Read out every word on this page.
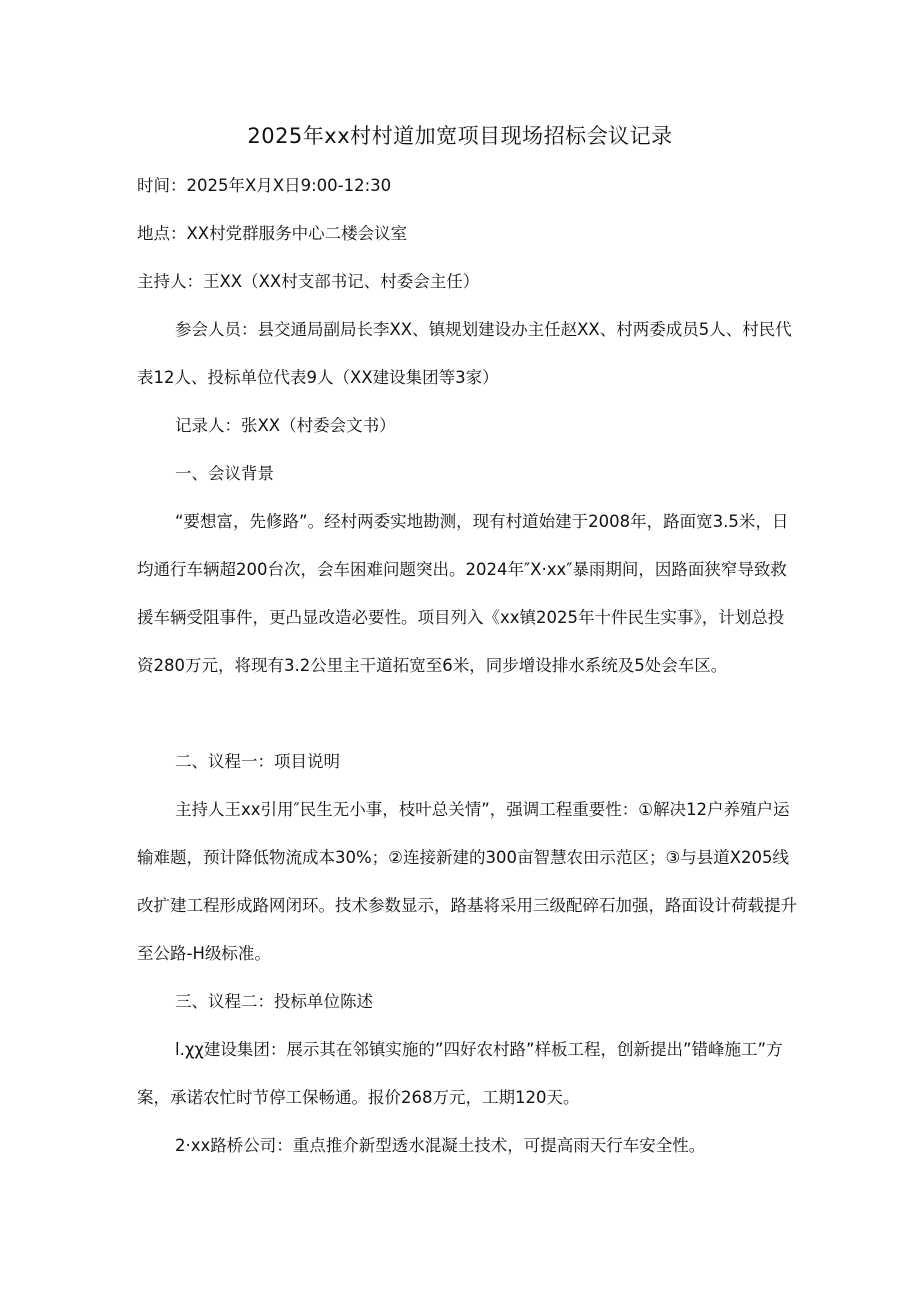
2025年xx村村道加宽项目现场招标会议记录

时间：2025年X月X日9:00-12:30

地点：XX村党群服务中心二楼会议室

主持人：王XX（XX村支部书记、村委会主任）

参会人员：县交通局副局长李XX、镇规划建设办主任赵XX、村两委成员5人、村民代表12人、投标单位代表9人（XX建设集团等3家）

记录人：张XX（村委会文书）

一、会议背景

“要想富，先修路”。经村两委实地勘测，现有村道始建于2008年，路面宽3.5米，日均通行车辆超200台次，会车困难问题突出。2024年″X·xx″暴雨期间，因路面狭窄导致救援车辆受阻事件，更凸显改造必要性。项目列入《xx镇2025年十件民生实事》，计划总投资280万元，将现有3.2公里主干道拓宽至6米，同步增设排水系统及5处会车区。

二、议程一：项目说明

主持人王xx引用″民生无小事，枝叶总关情”，强调工程重要性：①解决12户养殖户运输难题，预计降低物流成本30%；②连接新建的300亩智慧农田示范区；③与县道X205线改扩建工程形成路网闭环。技术参数显示，路基将采用三级配碎石加强，路面设计荷载提升至公路-H级标准。

三、议程二：投标单位陈述

l.χχ建设集团：展示其在邻镇实施的”四好农村路”样板工程，创新提出”错峰施工”方案，承诺农忙时节停工保畅通。报价268万元，工期120天。

2·xx路桥公司：重点推介新型透水混凝土技术，可提高雨天行车安全性。
